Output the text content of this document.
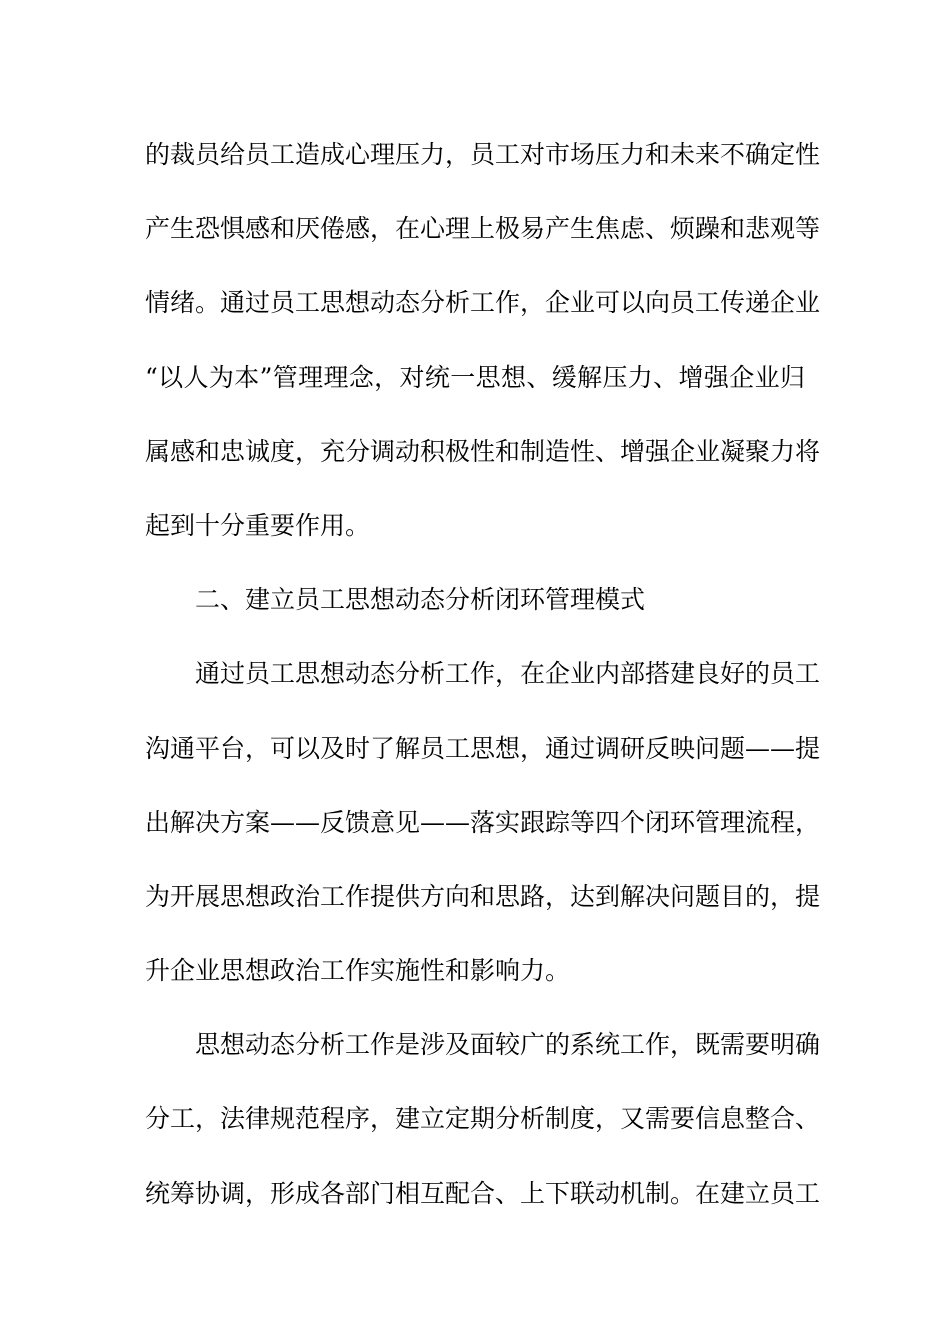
的裁员给员工造成心理压力，员工对市场压力和未来不确定性

产生恐惧感和厌倦感，在心理上极易产生焦虑、烦躁和悲观等

情绪。通过员工思想动态分析工作，企业可以向员工传递企业

“以人为本”管理理念，对统一思想、缓解压力、增强企业归

属感和忠诚度，充分调动积极性和制造性、增强企业凝聚力将

起到十分重要作用。

二、建立员工思想动态分析闭环管理模式

通过员工思想动态分析工作，在企业内部搭建良好的员工

沟通平台，可以及时了解员工思想，通过调研反映问题——提

出解决方案——反馈意见——落实跟踪等四个闭环管理流程，

为开展思想政治工作提供方向和思路，达到解决问题目的，提

升企业思想政治工作实施性和影响力。

思想动态分析工作是涉及面较广的系统工作，既需要明确

分工，法律规范程序，建立定期分析制度，又需要信息整合、

统筹协调，形成各部门相互配合、上下联动机制。在建立员工
